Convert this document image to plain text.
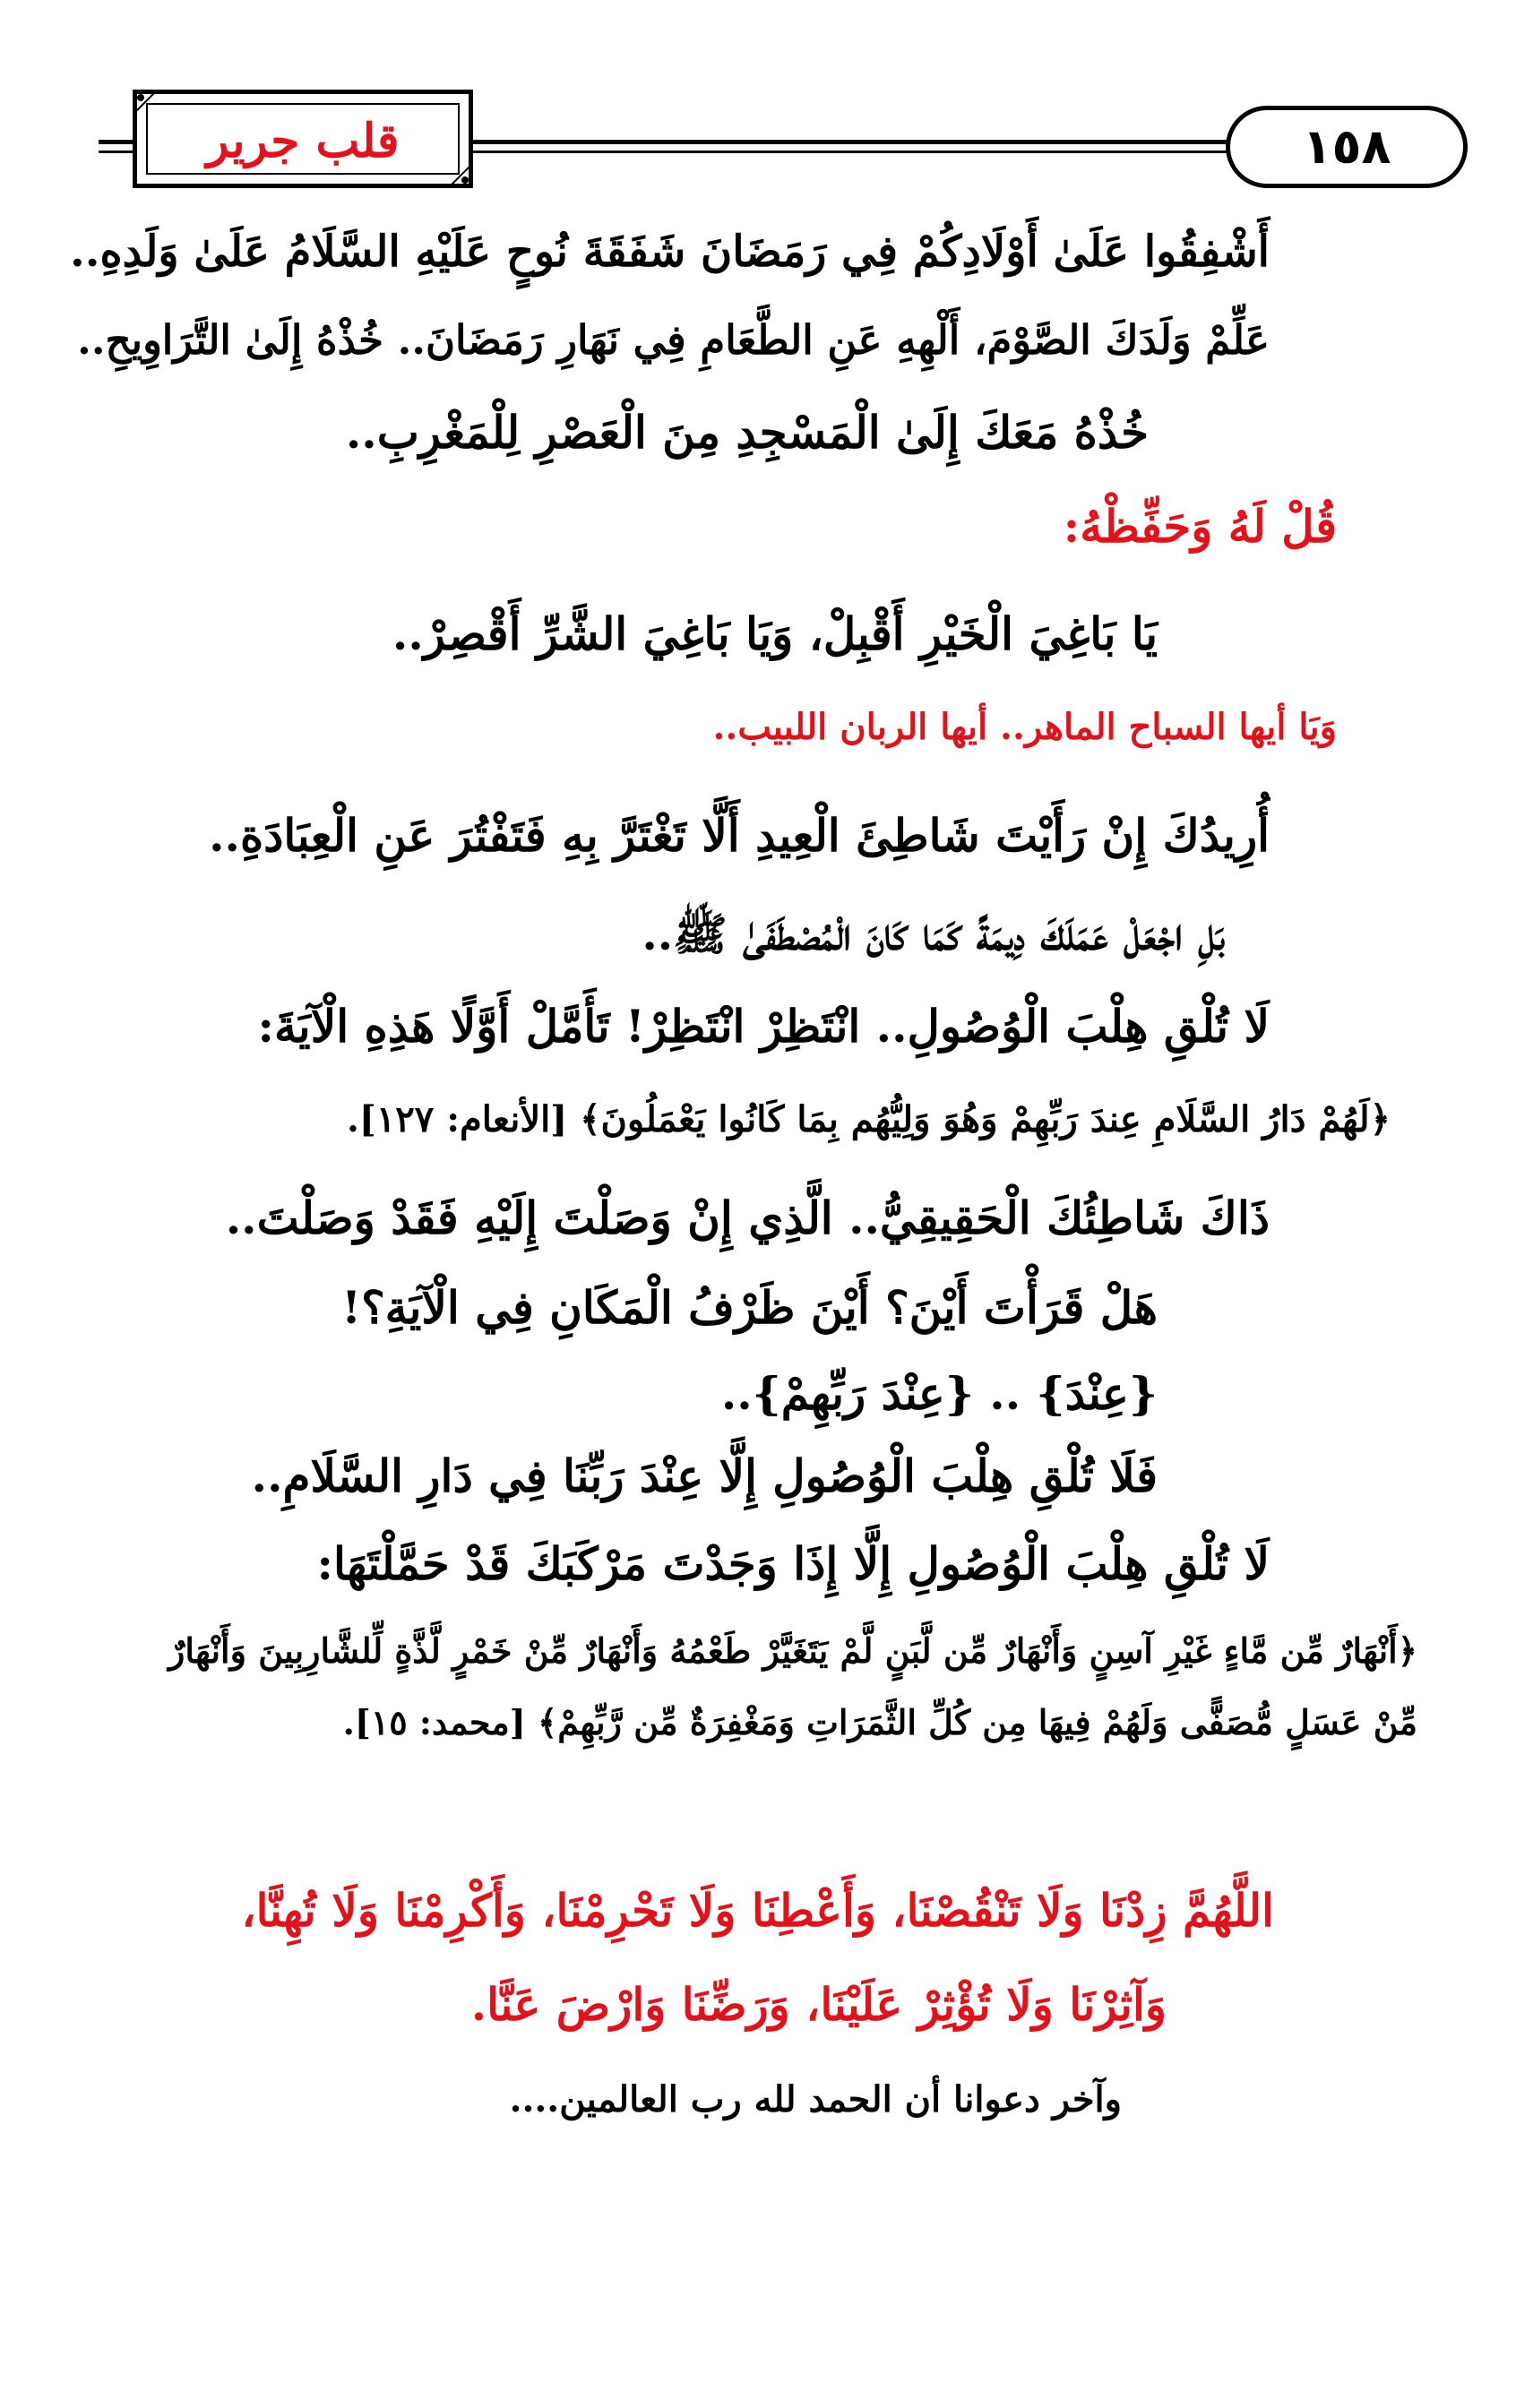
قلب جرير	١٥٨
أَشْفِقُوا عَلَىٰ أَوْلَادِكُمْ فِي رَمَضَانَ شَفَقَةَ نُوحٍ عَلَيْهِ السَّلَامُ عَلَىٰ وَلَدِهِ..
عَلِّمْ وَلَدَكَ الصَّوْمَ، أَلْهِهِ عَنِ الطَّعَامِ فِي نَهَارِ رَمَضَانَ.. خُذْهُ إِلَىٰ التَّرَاوِيحِ..
خُذْهُ مَعَكَ إِلَىٰ الْمَسْجِدِ مِنَ الْعَصْرِ لِلْمَغْرِبِ..
قُلْ لَهُ وَحَفِّظْهُ:
يَا بَاغِيَ الْخَيْرِ أَقْبِلْ، وَيَا بَاغِيَ الشَّرِّ أَقْصِرْ..
وَيَا أيها السباح الماهر.. أيها الربان اللبيب..
أُرِيدُكَ إِنْ رَأَيْتَ شَاطِئَ الْعِيدِ أَلَّا تَغْتَرَّ بِهِ فَتَفْتُرَ عَنِ الْعِبَادَةِ..
بَلِ اجْعَلْ عَمَلَكَ دِيمَةً كَمَا كَانَ الْمُصْطَفَىٰ ﷺ..
لَا تُلْقِ هِلْبَ الْوُصُولِ.. انْتَظِرْ انْتَظِرْ! تَأَمَّلْ أَوَّلًا هَذِهِ الْآيَةَ:
﴿لَهُمْ دَارُ السَّلَامِ عِندَ رَبِّهِمْ وَهُوَ وَلِيُّهُم بِمَا كَانُوا يَعْمَلُونَ﴾ [الأنعام: ١٢٧].
ذَاكَ شَاطِئُكَ الْحَقِيقِيُّ.. الَّذِي إِنْ وَصَلْتَ إِلَيْهِ فَقَدْ وَصَلْتَ..
هَلْ قَرَأْتَ أَيْنَ؟ أَيْنَ ظَرْفُ الْمَكَانِ فِي الْآيَةِ؟!
{عِنْدَ} .. {عِنْدَ رَبِّهِمْ}..
فَلَا تُلْقِ هِلْبَ الْوُصُولِ إِلَّا عِنْدَ رَبِّنَا فِي دَارِ السَّلَامِ..
لَا تُلْقِ هِلْبَ الْوُصُولِ إِلَّا إِذَا وَجَدْتَ مَرْكَبَكَ قَدْ حَمَّلْتَهَا:
﴿أَنْهَارٌ مِّن مَّاءٍ غَيْرِ آسِنٍ وَأَنْهَارٌ مِّن لَّبَنٍ لَّمْ يَتَغَيَّرْ طَعْمُهُ وَأَنْهَارٌ مِّنْ خَمْرٍ لَّذَّةٍ لِّلشَّارِبِينَ وَأَنْهَارٌ
مِّنْ عَسَلٍ مُّصَفًّى وَلَهُمْ فِيهَا مِن كُلِّ الثَّمَرَاتِ وَمَغْفِرَةٌ مِّن رَّبِّهِمْ﴾ [محمد: ١٥].
اللَّهُمَّ زِدْنَا وَلَا تَنْقُصْنَا، وَأَعْطِنَا وَلَا تَحْرِمْنَا، وَأَكْرِمْنَا وَلَا تُهِنَّا،
وَآثِرْنَا وَلَا تُؤْثِرْ عَلَيْنَا، وَرَضِّنَا وَارْضَ عَنَّا.
وآخر دعوانا أن الحمد لله رب العالمين....
